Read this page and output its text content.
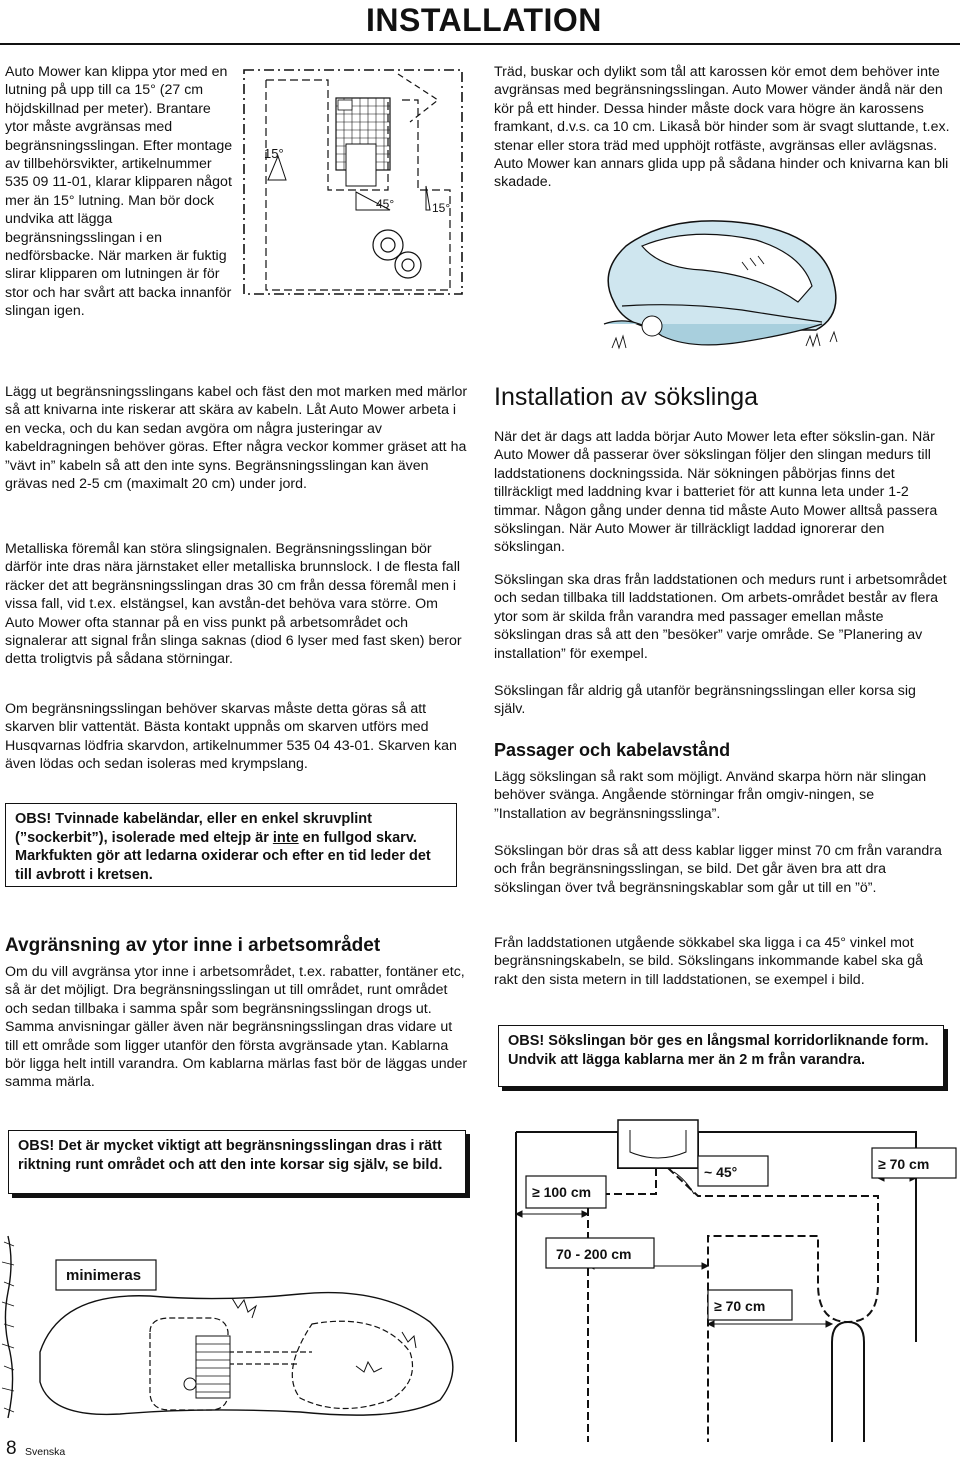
INSTALLATION

Auto Mower kan klippa ytor med en lutning på upp till ca 15° (27 cm höjdskillnad per meter). Brantare ytor måste avgränsas med begränsningsslingan. Efter montage av tillbehörsvikter, artikelnummer 535 09 11-01, klarar klipparen något mer än 15° lutning. Man bör dock undvika att lägga begränsningsslingan i en nedförsbacke. När marken är fuktig slirar klipparen om lutningen är för stor och har svårt att backa innanför slingan igen.

15°
45°	15°

Lägg ut begränsningsslingans kabel och fäst den mot marken med märlor så att knivarna inte riskerar att skära av kabeln. Låt Auto Mower arbeta i en vecka, och du kan sedan avgöra om några justeringar av kabeldragningen behöver göras. Efter några veckor kommer gräset att ha ”vävt in” kabeln så att den inte syns. Begränsningsslingan kan även grävas ned 2-5 cm (maximalt 20 cm) under jord.

Metalliska föremål kan störa slingsignalen. Begränsningsslingan bör därför inte dras nära järnstaket eller metalliska brunnslock. I de flesta fall räcker det att begränsningsslingan dras 30 cm från dessa föremål men i vissa fall, vid t.ex. elstängsel, kan avstån-det behöva vara större. Om Auto Mower ofta stannar på en viss punkt på arbetsområdet och signalerar att signal från slinga saknas (diod 6 lyser med fast sken) beror detta troligtvis på sådana störningar.

Om begränsningsslingan behöver skarvas måste detta göras så att skarven blir vattentät. Bästa kontakt uppnås om skarven utförs med Husqvarnas lödfria skarvdon, artikelnummer 535 04 43-01. Skarven kan även lödas och sedan isoleras med krympslang.

OBS! Tvinnade kabeländar, eller en enkel skruvplint (”sockerbit”), isolerade med eltejp är inte en fullgod skarv. Markfukten gör att ledarna oxiderar och efter en tid leder det till avbrott i kretsen.
Avgränsning av ytor inne i arbetsområdet

Om du vill avgränsa ytor inne i arbetsområdet, t.ex. rabatter, fontäner etc, så är det möjligt. Dra begränsningsslingan ut till området, runt området och sedan tillbaka i samma spår som begränsningsslingan drogs ut. Samma anvisningar gäller även när begränsningsslingan dras vidare ut till ett område som ligger utanför den första avgränsade ytan. Kablarna bör ligga helt intill varandra. Om kablarna märlas fast bör de läggas under samma märla.

OBS! Det är mycket viktigt att begränsningsslingan dras i rätt riktning runt området och att den inte korsar sig själv, se bild.
minimeras

Träd, buskar och dylikt som tål att karossen kör emot dem behöver inte avgränsas med begränsningsslingan. Auto Mower vänder ändå när den kör på ett hinder. Dessa hinder måste dock vara högre än karossens framkant, d.v.s. ca 10 cm. Likaså bör hinder som är svagt sluttande, t.ex. stenar eller stora träd med upphöjt rotfäste, avgränsas eller avlägsnas. Auto Mower kan annars glida upp på sådana hinder och knivarna kan bli skadade.

Installation av sökslinga

När det är dags att ladda börjar Auto Mower leta efter sökslin-gan. När Auto Mower då passerar över sökslingan följer den slingan medurs till laddstationens dockningssida. När sökningen påbörjas finns det tillräckligt med laddning kvar i batteriet för att kunna leta under 1-2 timmar. Någon gång under denna tid måste Auto Mower alltså passera sökslingan. När Auto Mower är tillräckligt laddad ignorerar den sökslingan.

Sökslingan ska dras från laddstationen och medurs runt i arbetsområdet och sedan tillbaka till laddstationen. Om arbets-området består av flera ytor som är skilda från varandra med passager emellan måste sökslingan dras så att den ”besöker” varje område. Se ”Planering av installation” för exempel.

Sökslingan får aldrig gå utanför begränsningsslingan eller korsa sig själv.

Passager och kabelavstånd

Lägg sökslingan så rakt som möjligt. Använd skarpa hörn när slingan behöver svänga. Angående störningar från omgiv-ningen, se ”Installation av begränsningsslinga”.

Sökslingan bör dras så att dess kablar ligger minst 70 cm från varandra och från begränsningsslingan, se bild. Det går även bra att dra sökslingan över två begränsningskablar som går ut till en ”ö”.

Från laddstationen utgående sökkabel ska ligga i ca 45° vinkel mot begränsningskabeln, se bild. Sökslingans inkommande kabel ska gå rakt den sista metern in till laddstationen, se exempel i bild.

OBS! Sökslingan bör ges en långsmal korridorliknande form. Undvik att lägga kablarna mer än 2 m från varandra.
≥ 100 cm
~ 45°	≥ 70 cm
70 - 200 cm
≥ 70 cm
8 Svenska
